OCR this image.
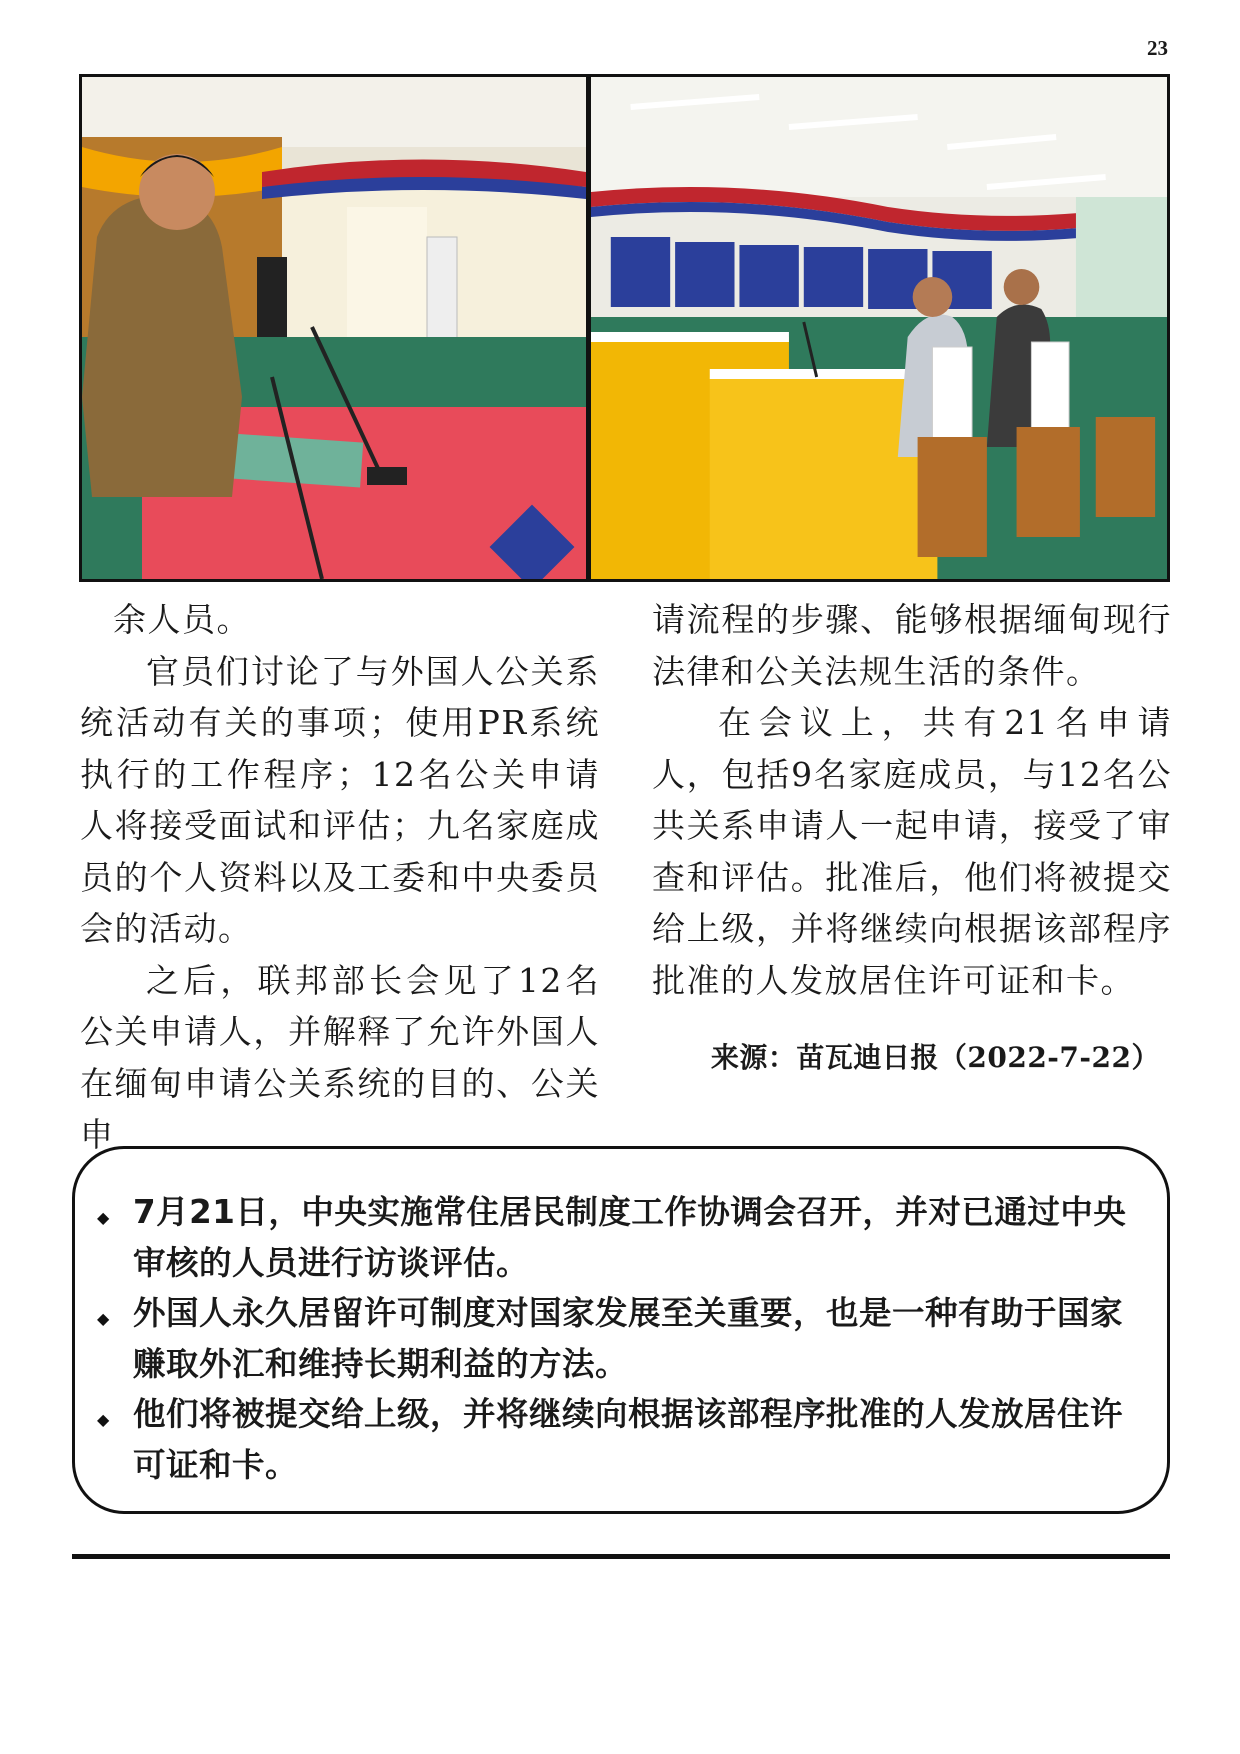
23

余人员。

官员们讨论了与外国人公关系统活动有关的事项；使用PR系统执行的工作程序；12名公关申请人将接受面试和评估；九名家庭成员的个人资料以及工委和中央委员会的活动。

之后，联邦部长会见了12名公关申请人，并解释了允许外国人在缅甸申请公关系统的目的、公关申

请流程的步骤、能够根据缅甸现行法律和公关法规生活的条件。

在会议上，共有21名申请人，包括9名家庭成员，与12名公共关系申请人一起申请，接受了审查和评估。批准后，他们将被提交给上级，并将继续向根据该部程序批准的人发放居住许可证和卡。

来源：苗瓦迪日报（2022-7-22）
◆ 7月21日，中央实施常住居民制度工作协调会召开，并对已通过中央审核的人员进行访谈评估。
◆ 外国人永久居留许可制度对国家发展至关重要，也是一种有助于国家赚取外汇和维持长期利益的方法。
◆ 他们将被提交给上级，并将继续向根据该部程序批准的人发放居住许可证和卡。
